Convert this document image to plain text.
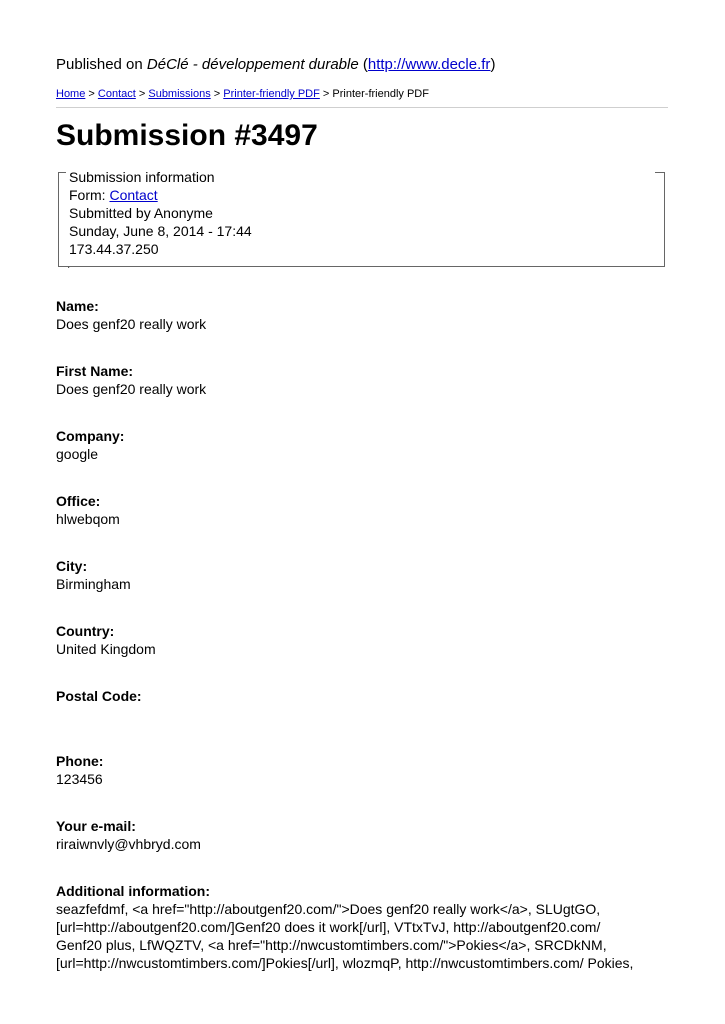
Published on DéClé - développement durable (http://www.decle.fr)
Home > Contact > Submissions > Printer-friendly PDF > Printer-friendly PDF
Submission #3497
Submission information
Form: Contact
Submitted by Anonyme
Sunday, June 8, 2014 - 17:44
173.44.37.250
·
Name:
Does genf20 really work
First Name:
Does genf20 really work
Company:
google
Office:
hlwebqom
City:
Birmingham
Country:
United Kingdom
Postal Code:
Phone:
123456
Your e-mail:
riraiwnvly@vhbryd.com
Additional information:
seazfefdmf, <a href="http://aboutgenf20.com/">Does genf20 really work</a>, SLUgtGO,
[url=http://aboutgenf20.com/]Genf20 does it work[/url], VTtxTvJ, http://aboutgenf20.com/
Genf20 plus, LfWQZTV, <a href="http://nwcustomtimbers.com/">Pokies</a>, SRCDkNM,
[url=http://nwcustomtimbers.com/]Pokies[/url], wlozmqP, http://nwcustomtimbers.com/ Pokies,
